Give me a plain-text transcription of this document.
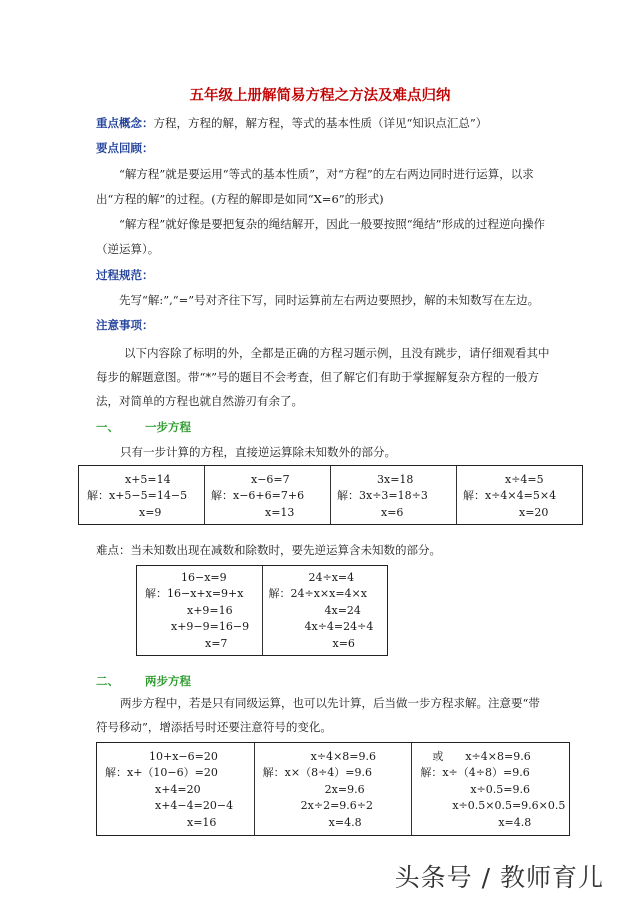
五年级上册解简易方程之方法及难点归纳
重点概念：方程，方程的解，解方程，等式的基本性质（详见“知识点汇总”）
要点回顾：
“解方程”就是要运用“等式的基本性质”，对“方程”的左右两边同时进行运算，以求出“方程的解”的过程。(方程的解即是如同“X=6”的形式)
“解方程”就好像是要把复杂的绳结解开，因此一般要按照“绳结”形成的过程逆向操作（逆运算）。
过程规范：
先写“解:”,“=”号对齐往下写，同时运算前左右两边要照抄，解的未知数写在左边。
注意事项：
以下内容除了标明的外，全都是正确的方程习题示例，且没有跳步，请仔细观看其中每步的解题意图。带“*”号的题目不会考查，但了解它们有助于掌握解复杂方程的一般方法，对简单的方程也就自然游刃有余了。
一、 一步方程
只有一步计算的方程，直接逆运算除未知数外的部分。
x+5=14
解：x+5−5=14−5
x=9
x−6=7
解：x−6+6=7+6
x=13
3x=18
解：3x÷3=18÷3
x=6
x÷4=5
解：x÷4×4=5×4
x=20
难点：当未知数出现在减数和除数时，要先逆运算含未知数的部分。
16−x=9
解：16−x+x=9+x
x+9=16
x+9−9=16−9
x=7
24÷x=4
解：24÷x×x=4×x
4x=24
4x÷4=24÷4
x=6
二、 两步方程
两步方程中，若是只有同级运算，也可以先计算，后当做一步方程求解。注意要“带符号移动”，增添括号时还要注意符号的变化。
10+x−6=20
解：x+（10−6）=20
x+4=20
x+4−4=20−4
x=16
x÷4×8=9.6
解：x×（8÷4）=9.6
2x=9.6
2x÷2=9.6÷2
x=4.8
或　　x÷4×8=9.6
解：x÷（4÷8）=9.6
x÷0.5=9.6
x÷0.5×0.5=9.6×0.5
x=4.8
头条号 / 教师育儿
